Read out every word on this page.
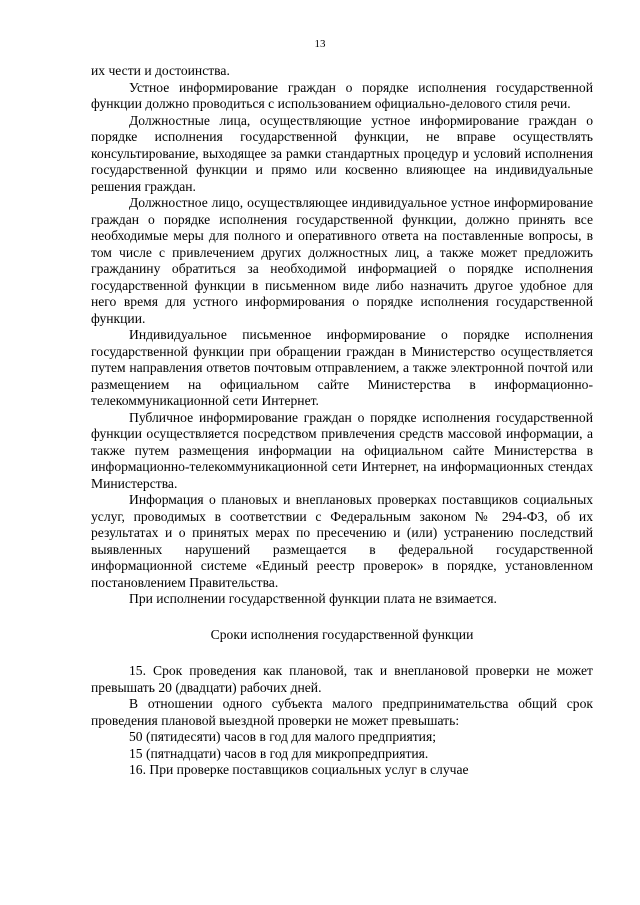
13

их чести и достоинства.

Устное информирование граждан о порядке исполнения государственной функции должно проводиться с использованием официально-делового стиля речи.

Должностные лица, осуществляющие устное информирование граждан о порядке исполнения государственной функции, не вправе осуществлять консультирование, выходящее за рамки стандартных процедур и условий исполнения государственной функции и прямо или косвенно влияющее на индивидуальные решения граждан.

Должностное лицо, осуществляющее индивидуальное устное информирование граждан о порядке исполнения государственной функции, должно принять все необходимые меры для полного и оперативного ответа на поставленные вопросы, в том числе с привлечением других должностных лиц, а также может предложить гражданину обратиться за необходимой информацией о порядке исполнения государственной функции в письменном виде либо назначить другое удобное для него время для устного информирования о порядке исполнения государственной функции.

Индивидуальное письменное информирование о порядке исполнения государственной функции при обращении граждан в Министерство осуществляется путем направления ответов почтовым отправлением, а также электронной почтой или размещением на официальном сайте Министерства в информационно-телекоммуникационной сети Интернет.

Публичное информирование граждан о порядке исполнения государственной функции осуществляется посредством привлечения средств массовой информации, а также путем размещения информации на официальном сайте Министерства в информационно-телекоммуникационной сети Интернет, на информационных стендах Министерства.

Информация о плановых и внеплановых проверках поставщиков социальных услуг, проводимых в соответствии с Федеральным законом № 294-ФЗ, об их результатах и о принятых мерах по пресечению и (или) устранению последствий выявленных нарушений размещается в федеральной государственной информационной системе «Единый реестр проверок» в порядке, установленном постановлением Правительства.

При исполнении государственной функции плата не взимается.

Сроки исполнения государственной функции

15. Срок проведения как плановой, так и внеплановой проверки не может превышать 20 (двадцати) рабочих дней.

В отношении одного субъекта малого предпринимательства общий срок проведения плановой выездной проверки не может превышать:

50 (пятидесяти) часов в год для малого предприятия;

15 (пятнадцати) часов в год для микропредприятия.

16. При проверке поставщиков социальных услуг в случае
